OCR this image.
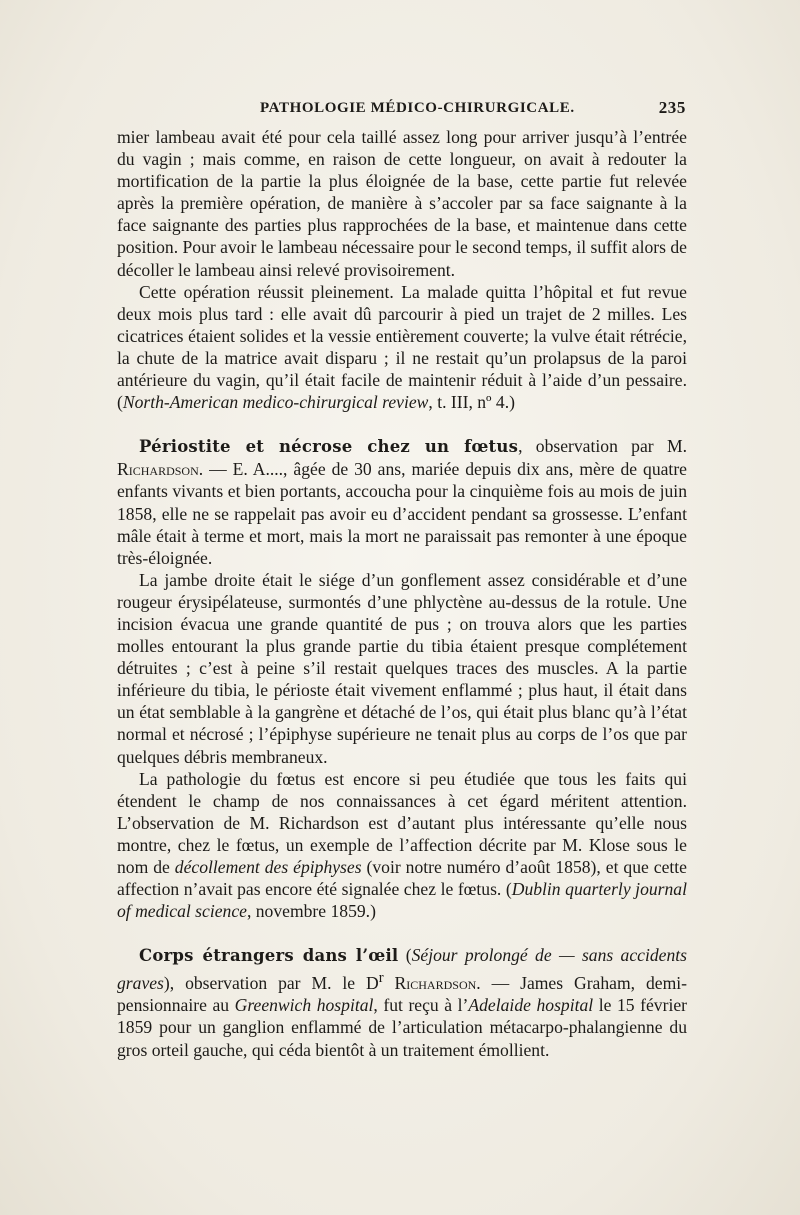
PATHOLOGIE MÉDICO-CHIRURGICALE.	235

mier lambeau avait été pour cela taillé assez long pour arriver jusqu’à l’entrée du vagin ; mais comme, en raison de cette longueur, on avait à redouter la mortification de la partie la plus éloignée de la base, cette partie fut relevée après la première opération, de manière à s’accoler par sa face saignante à la face saignante des parties plus rapprochées de la base, et maintenue dans cette position. Pour avoir le lambeau nécessaire pour le second temps, il suffit alors de décoller le lambeau ainsi relevé provisoirement.

Cette opération réussit pleinement. La malade quitta l’hôpital et fut revue deux mois plus tard : elle avait dû parcourir à pied un trajet de 2 milles. Les cicatrices étaient solides et la vessie entièrement couverte; la vulve était rétrécie, la chute de la matrice avait disparu ; il ne restait qu’un prolapsus de la paroi antérieure du vagin, qu’il était facile de maintenir réduit à l’aide d’un pessaire. (North-American medico-chirurgical review, t. III, nº 4.)

Périostite et nécrose chez un fœtus, observation par M. Richardson. — E. A...., âgée de 30 ans, mariée depuis dix ans, mère de quatre enfants vivants et bien portants, accoucha pour la cinquième fois au mois de juin 1858, elle ne se rappelait pas avoir eu d’accident pendant sa grossesse. L’enfant mâle était à terme et mort, mais la mort ne paraissait pas remonter à une époque très-éloignée.

La jambe droite était le siége d’un gonflement assez considérable et d’une rougeur érysipélateuse, surmontés d’une phlyctène au-dessus de la rotule. Une incision évacua une grande quantité de pus ; on trouva alors que les parties molles entourant la plus grande partie du tibia étaient presque complétement détruites ; c’est à peine s’il restait quelques traces des muscles. A la partie inférieure du tibia, le périoste était vivement enflammé ; plus haut, il était dans un état semblable à la gangrène et détaché de l’os, qui était plus blanc qu’à l’état normal et nécrosé ; l’épiphyse supérieure ne tenait plus au corps de l’os que par quelques débris membraneux.

La pathologie du fœtus est encore si peu étudiée que tous les faits qui étendent le champ de nos connaissances à cet égard méritent attention. L’observation de M. Richardson est d’autant plus intéressante qu’elle nous montre, chez le fœtus, un exemple de l’affection décrite par M. Klose sous le nom de décollement des épiphyses (voir notre numéro d’août 1858), et que cette affection n’avait pas encore été signalée chez le fœtus. (Dublin quarterly journal of medical science, novembre 1859.)

Corps étrangers dans l’œil (Séjour prolongé de — sans accidents graves), observation par M. le $D^r$ Richardson. — James Graham, demi-pensionnaire au Greenwich hospital, fut reçu à l’Adelaide hospital le 15 février 1859 pour un ganglion enflammé de l’articulation métacarpo-phalangienne du gros orteil gauche, qui céda bientôt à un traitement émollient.
